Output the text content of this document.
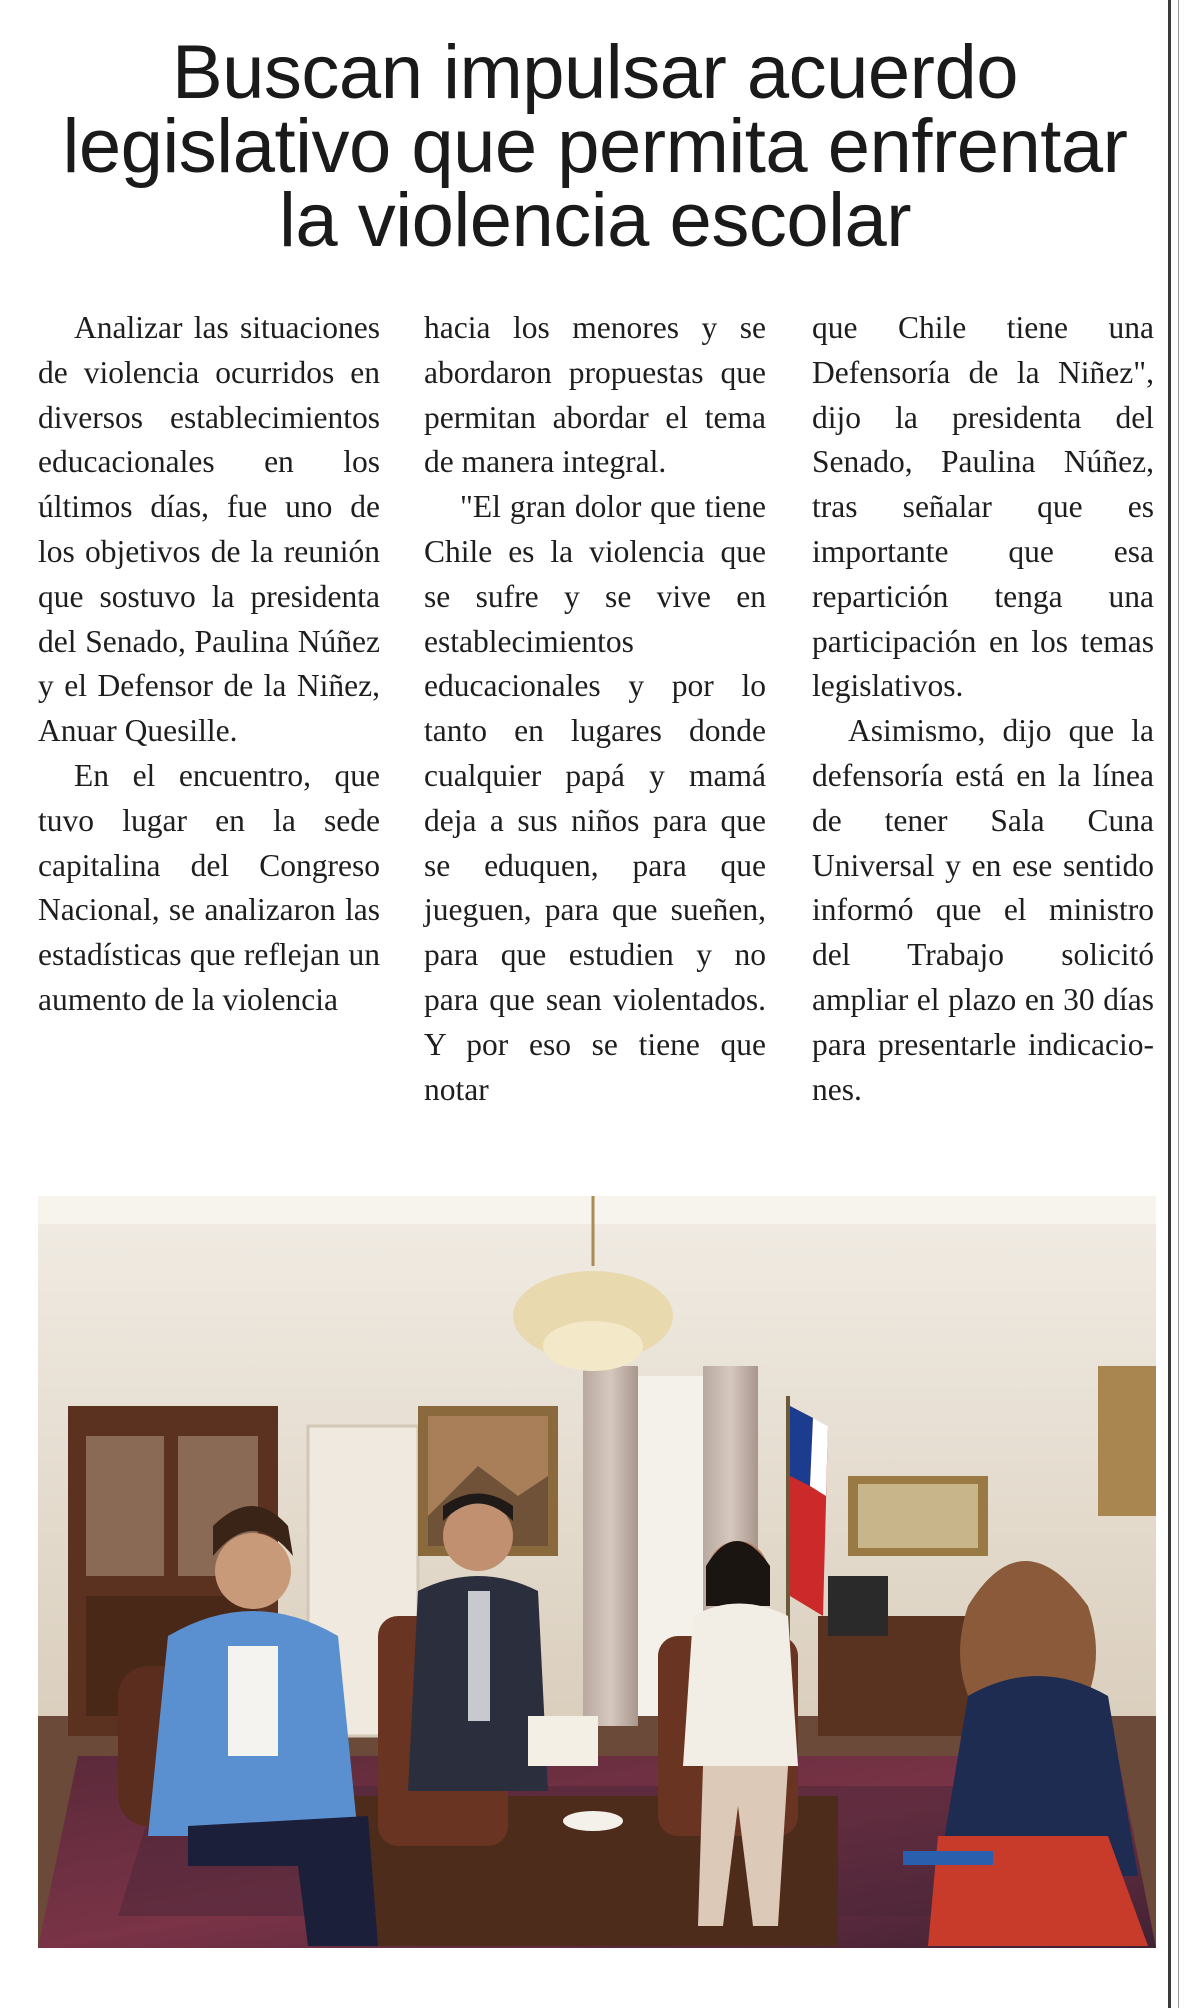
Buscan impulsar acuerdo legislativo que permita enfrentar la violencia escolar

Analizar las situaciones de violencia ocurridos en diversos establecimientos educacionales en los últimos días, fue uno de los objetivos de la reunión que sostuvo la presidenta del Senado, Paulina Núñez y el Defensor de la Niñez, Anuar Quesille.

En el encuentro, que tuvo lugar en la sede capitalina del Congreso Nacional, se analizaron las estadísticas que reflejan un aumento de la violencia

hacia los menores y se abordaron propuestas que permitan abordar el tema de manera integral.

"El gran dolor que tiene Chile es la violencia que se sufre y se vive en establecimientos educacionales y por lo tanto en lugares donde cualquier papá y mamá deja a sus niños para que se eduquen, para que jueguen, para que sueñen, para que estudien y no para que sean violentados. Y por eso se tiene que notar

que Chile tiene una Defensoría de la Niñez", dijo la presidenta del Senado, Paulina Núñez, tras señalar que es importante que esa repartición tenga una participación en los temas legislativos.

Asimismo, dijo que la defensoría está en la línea de tener Sala Cuna Universal y en ese sentido informó que el ministro del Trabajo solicitó ampliar el plazo en 30 días para presentarle indicaciones.
